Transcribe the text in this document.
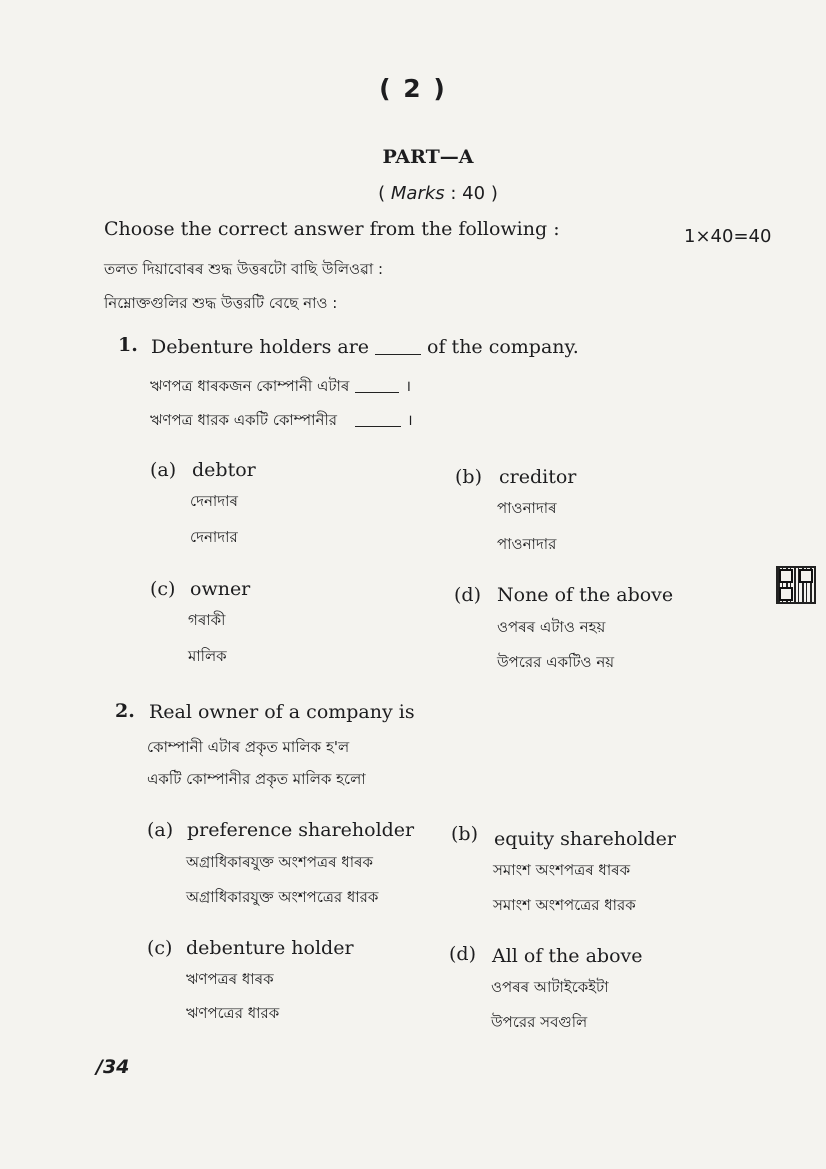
( 2 )
PART—A
( Marks : 40 )
Choose the correct answer from the following :	1×40=40
তলত দিয়াবোৰৰ শুদ্ধ উত্তৰটো বাছি উলিওৱা :
নিম্নোক্তগুলির শুদ্ধ উত্তরটি বেছে নাও :
1. Debenture holders are	of the company.
ঋণপত্ৰ ধাৰকজন কোম্পানী এটাৰ	।
ঋণপত্র ধারক একটি কোম্পানীর	।
(a) debtor
দেনাদাৰ
দেনাদার
(b) creditor
পাওনাদাৰ
পাওনাদার
(c) owner
গৰাকী
মালিক
(d) None of the above
ওপৰৰ এটাও নহয়
উপরের একটিও নয়
2. Real owner of a company is
কোম্পানী এটাৰ প্ৰকৃত মালিক হ'ল
একটি কোম্পানীর প্রকৃত মালিক হলো
(a) preference shareholder
অগ্ৰাধিকাৰযুক্ত অংশপত্ৰৰ ধাৰক
অগ্রাধিকারযুক্ত অংশপত্রের ধারক
(b) equity shareholder
সমাংশ অংশপত্ৰৰ ধাৰক
সমাংশ অংশপত্রের ধারক
(c) debenture holder
ঋণপত্ৰৰ ধাৰক
ঋণপত্রের ধারক
(d) All of the above
ওপৰৰ আটাইকেইটা
উপরের সবগুলি
/34
